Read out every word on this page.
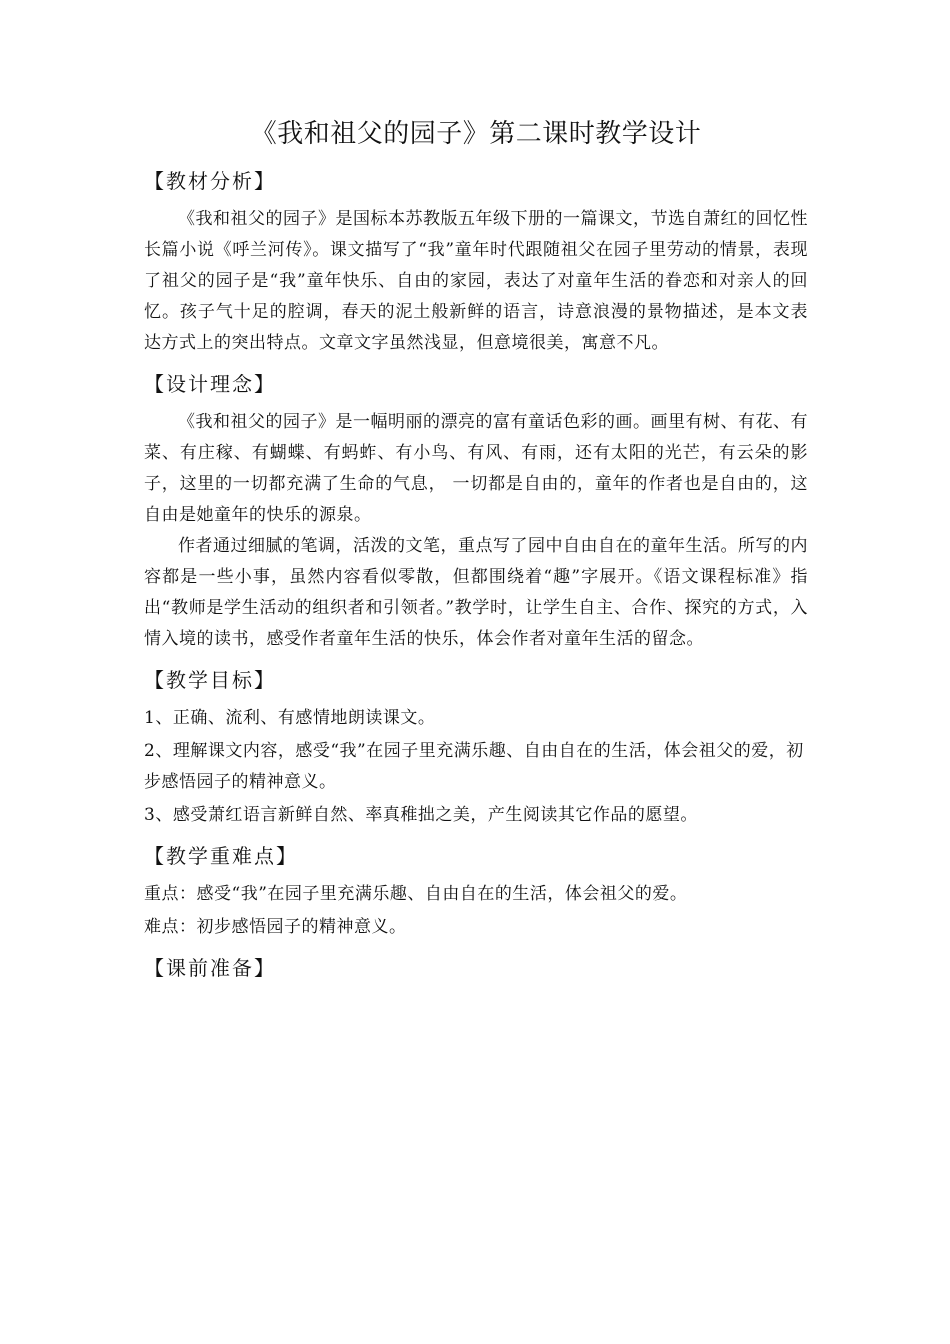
《我和祖父的园子》第二课时教学设计
【教材分析】

《我和祖父的园子》是国标本苏教版五年级下册的一篇课文，节选自萧红的回忆性长篇小说《呼兰河传》。课文描写了“我”童年时代跟随祖父在园子里劳动的情景，表现了祖父的园子是“我”童年快乐、自由的家园，表达了对童年生活的眷恋和对亲人的回忆。孩子气十足的腔调，春天的泥土般新鲜的语言，诗意浪漫的景物描述，是本文表达方式上的突出特点。文章文字虽然浅显，但意境很美，寓意不凡。

【设计理念】

《我和祖父的园子》是一幅明丽的漂亮的富有童话色彩的画。画里有树、有花、有菜、有庄稼、有蝴蝶、有蚂蚱、有小鸟、有风、有雨，还有太阳的光芒，有云朵的影子，这里的一切都充满了生命的气息， 一切都是自由的，童年的作者也是自由的，这自由是她童年的快乐的源泉。

作者通过细腻的笔调，活泼的文笔，重点写了园中自由自在的童年生活。所写的内容都是一些小事，虽然内容看似零散，但都围绕着“趣”字展开。《语文课程标准》指出“教师是学生活动的组织者和引领者。”教学时，让学生自主、合作、探究的方式，入情入境的读书，感受作者童年生活的快乐，体会作者对童年生活的留念。

【教学目标】

1、正确、流利、有感情地朗读课文。

2、理解课文内容，感受“我”在园子里充满乐趣、自由自在的生活，体会祖父的爱，初步感悟园子的精神意义。

3、感受萧红语言新鲜自然、率真稚拙之美，产生阅读其它作品的愿望。

【教学重难点】

重点：感受“我”在园子里充满乐趣、自由自在的生活，体会祖父的爱。

难点：初步感悟园子的精神意义。

【课前准备】
